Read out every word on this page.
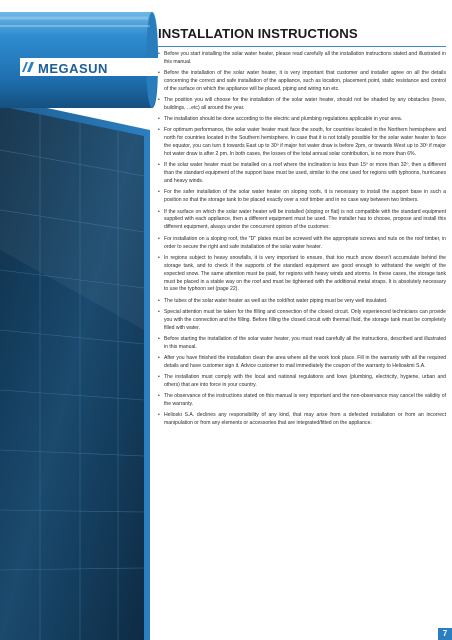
MEGASUN
INSTALLATION INSTRUCTIONS
• Before you start installing the solar water heater, please read carefully all the installation instructions stated and illustrated in this manual.
• Before the installation of the solar water heater, it is very important that customer and installer agree on all the details concerning the correct and safe installation of the appliance, such as location, placement point, static resistance and control of the surface on which the appliance will be placed, piping and wiring run etc.
• The position you will choose for the installation of the solar water heater, should not be shaded by any obstacles (trees, buildings, ...etc) all around the year.
• The installation should be done according to the electric and plumbing regulations applicable in your area.
• For optimum performance, the solar water heater must face the south, for countries located in the Northern hemisphere and north for countries located in the Southern hemisphere. In case that it is not totally possible for the solar water heater to face the equator, you can turn it towards East up to 30º if major hot water draw is before 2pm, or towards West up to 30º if major hot water draw is after 2 pm. In both cases, the losses of the total annual solar contribution, is no more than 6%.
• If the solar water heater must be installed on a roof where the inclination is less than 15º or more than 32º, then a different than the standard equipment of the support base must be used, similar to the one used for regions with typhoons, hurricanes and heavy winds.
• For the safer installation of the solar water heater on sloping roofs, it is necessary to install the support base in such a position so that the storage tank to be placed exactly over a roof timber and in no case way between two timbers.
• If the surface on which the solar water heater will be installed (sloping or flat) is not compatible with the standard equipment supplied with each appliance, then a different equipment must be used. The installer has to choose, propose and install this different equipment, always under the concurrent opinion of the customer.
• For installation on a sloping roof, the "D" plates must be screwed with the appropriate screws and nuts on the roof timber, in order to secure the right and safe installation of the solar water heater.
• In regions subject to heavy snowfalls, it is very important to ensure, that too much snow doesn't accumulate behind the storage tank, and to check if the supports of the standard equipment are good enough to withstand the weight of the expected snow. The same attention must be paid, for regions with heavy winds and storms. In these cases, the storage tank must be placed in a stable way on the roof and must be tightened with the additional metal straps. It is absolutely necessary to use the typhoon set (page 22).
• The tubes of the solar water heater as well as the cold/hot water piping must be very well insulated.
• Special attention must be taken for the filling and connection of the closed circuit. Only experienced technicians can provide you with the connection and the filling. Before filling the closed circuit with thermal fluid, the storage tank must be completely filled with water.
• Before starting the installation of the solar water heater, you must read carefully all the instructions, described and illustrated in this manual.
• After you have finished the installation clean the area where all the work took place. Fill in the warranty with all the required details and have customer sign it. Advice customer to mail immediately the coupon of the warranty to Helioakmi S.A.
• The installation must comply with the local and national regulations and lows (plumbing, electricity, hygiene, urban and others) that are into force in your country.
• The observance of the instructions stated on this manual is very important and the non-observance may cancel the validity of the warranty.
• Helioski S.A. declines any responsibility of any kind, that may arise from a defected installation or from an incorrect manipulation or from any elements or accessories that are integrated/fitted on the appliance.
7
